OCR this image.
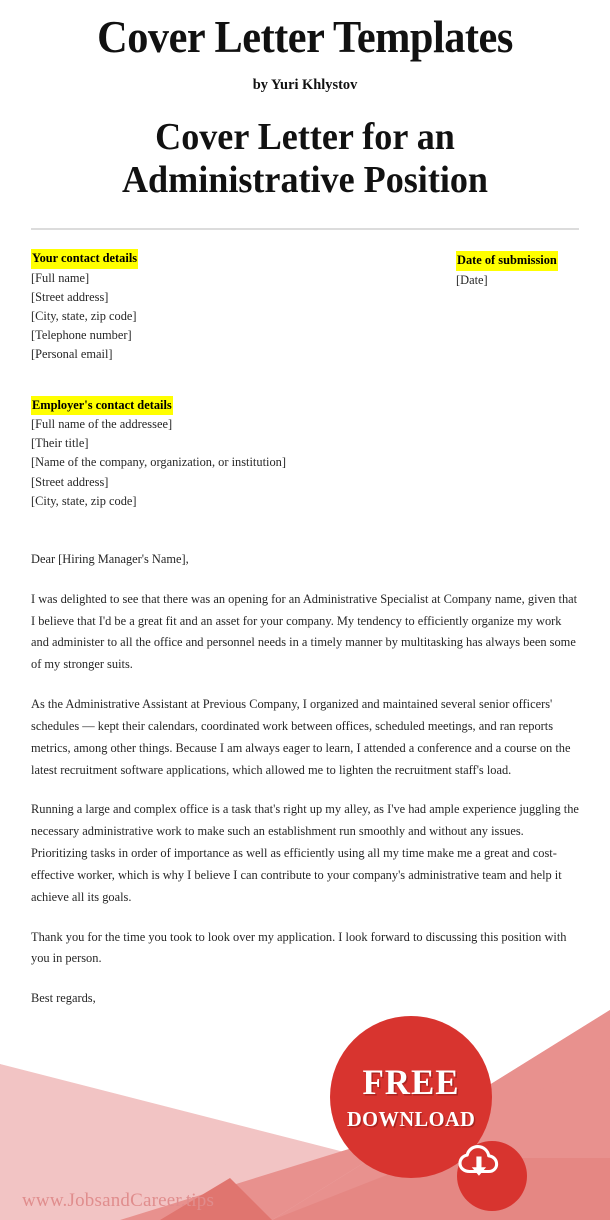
Cover Letter Templates
by Yuri Khlystov
Cover Letter for an Administrative Position
Your contact details
[Full name]
[Street address]
[City, state, zip code]
[Telephone number]
[Personal email]
Date of submission
[Date]
Employer's contact details
[Full name of the addressee]
[Their title]
[Name of the company, organization, or institution]
[Street address]
[City, state, zip code]

Dear [Hiring Manager's Name],

I was delighted to see that there was an opening for an Administrative Specialist at Company name, given that I believe that I'd be a great fit and an asset for your company. My tendency to efficiently organize my work and administer to all the office and personnel needs in a timely manner by multitasking has always been some of my stronger suits.

As the Administrative Assistant at Previous Company, I organized and maintained several senior officers' schedules — kept their calendars, coordinated work between offices, scheduled meetings, and ran reports metrics, among other things. Because I am always eager to learn, I attended a conference and a course on the latest recruitment software applications, which allowed me to lighten the recruitment staff's load.

Running a large and complex office is a task that's right up my alley, as I've had ample experience juggling the necessary administrative work to make such an establishment run smoothly and without any issues. Prioritizing tasks in order of importance as well as efficiently using all my time make me a great and cost-effective worker, which is why I believe I can contribute to your company's administrative team and help it achieve all its goals.

Thank you for the time you took to look over my application. I look forward to discussing this position with you in person.

Best regards,

www.JobsandCareer.tips
FREE
DOWNLOAD
